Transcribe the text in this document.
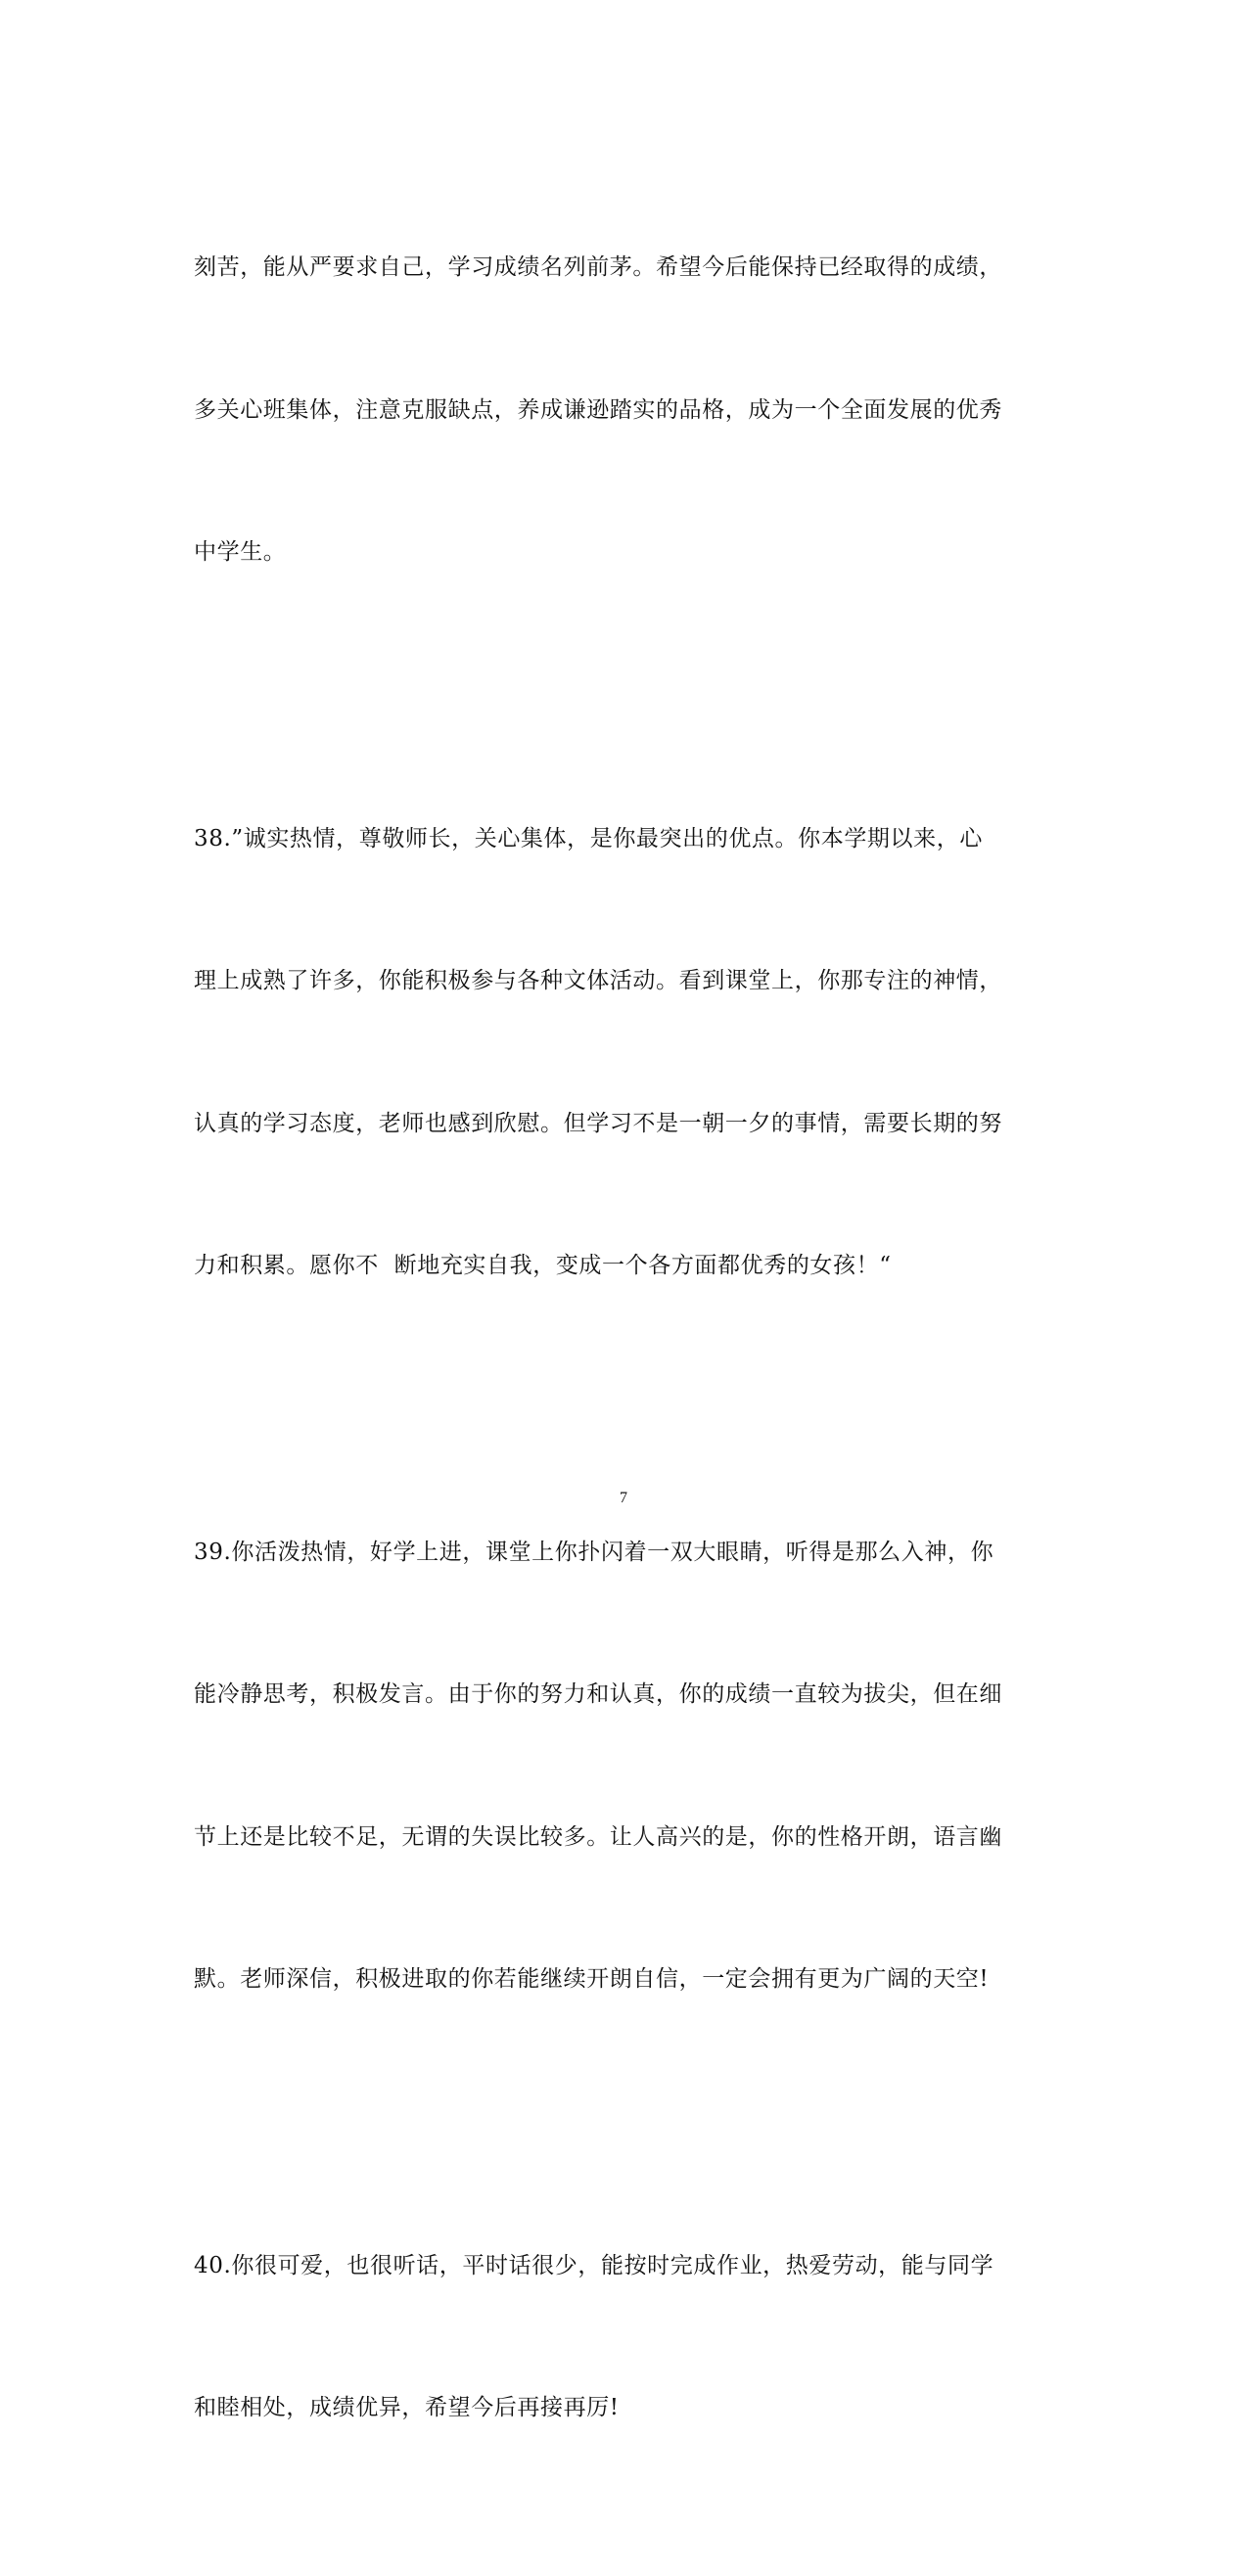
刻苦，能从严要求自己，学习成绩名列前茅。希望今后能保持已经取得的成绩，

多关心班集体，注意克服缺点，养成谦逊踏实的品格，成为一个全面发展的优秀

中学生。

38.”诚实热情，尊敬师长，关心集体，是你最突出的优点。你本学期以来，心

理上成熟了许多，你能积极参与各种文体活动。看到课堂上，你那专注的神情，

认真的学习态度，老师也感到欣慰。但学习不是一朝一夕的事情，需要长期的努

力和积累。愿你不  断地充实自我，变成一个各方面都优秀的女孩！“

39.你活泼热情，好学上进，课堂上你扑闪着一双大眼睛，听得是那么入神，你

能冷静思考，积极发言。由于你的努力和认真，你的成绩一直较为拔尖，但在细

节上还是比较不足，无谓的失误比较多。让人高兴的是，你的性格开朗，语言幽

默。老师深信，积极进取的你若能继续开朗自信，一定会拥有更为广阔的天空!

40.你很可爱，也很听话，平时话很少，能按时完成作业，热爱劳动，能与同学

和睦相处，成绩优异，希望今后再接再厉!

7
